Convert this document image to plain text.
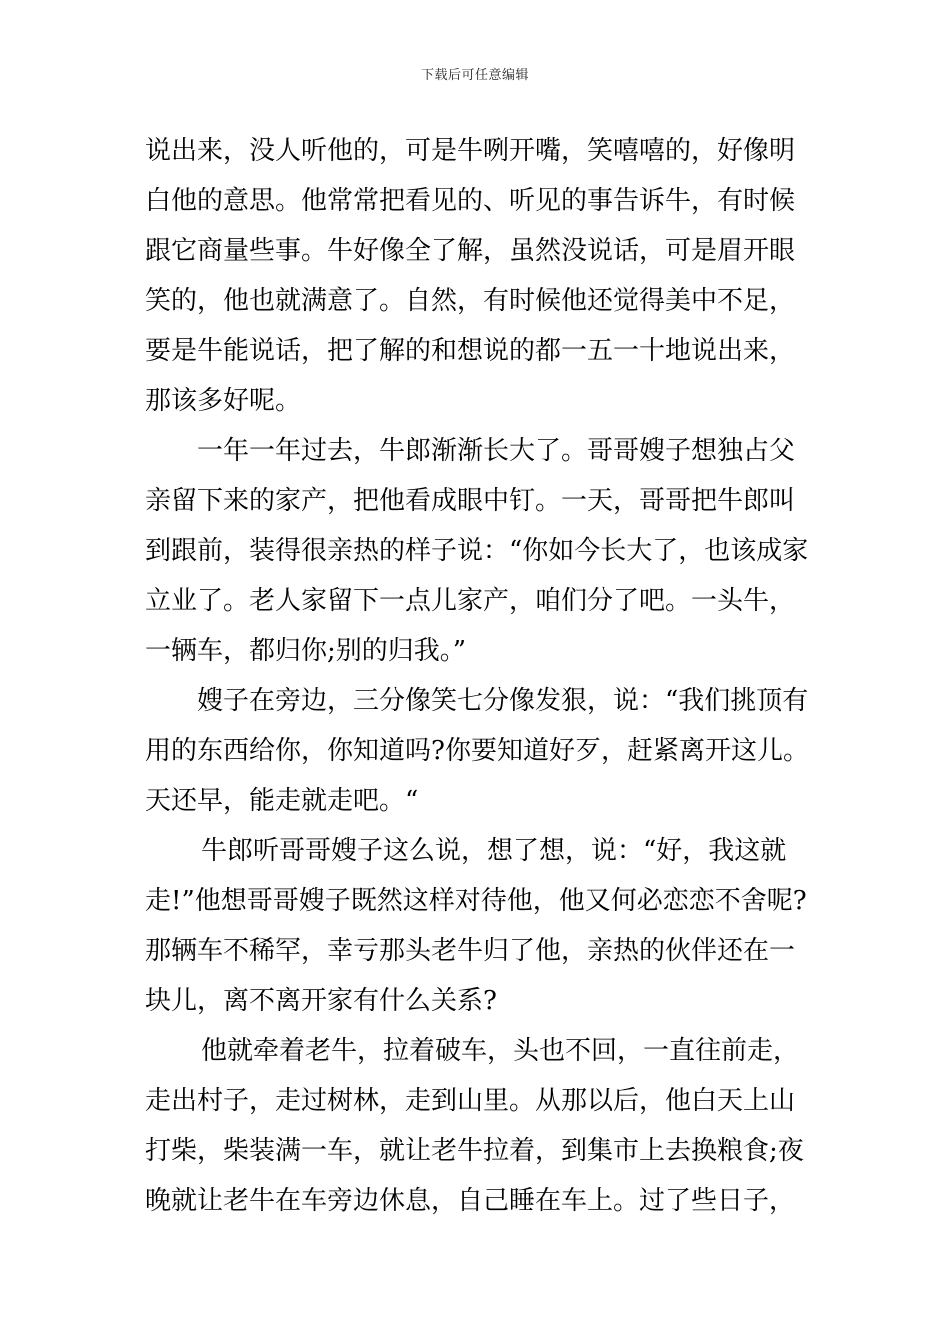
下载后可任意编辑
说出来，没人听他的，可是牛咧开嘴，笑嘻嘻的，好像明
白他的意思。他常常把看见的、听见的事告诉牛，有时候
跟它商量些事。牛好像全了解，虽然没说话，可是眉开眼
笑的，他也就满意了。自然，有时候他还觉得美中不足，
要是牛能说话，把了解的和想说的都一五一十地说出来，
那该多好呢。
一年一年过去，牛郎渐渐长大了。哥哥嫂子想独占父
亲留下来的家产，把他看成眼中钉。一天，哥哥把牛郎叫
到跟前，装得很亲热的样子说：“你如今长大了，也该成家
立业了。老人家留下一点儿家产，咱们分了吧。一头牛，
一辆车，都归你;别的归我。”
嫂子在旁边，三分像笑七分像发狠，说：“我们挑顶有
用的东西给你，你知道吗?你要知道好歹，赶紧离开这儿。
天还早，能走就走吧。“
牛郎听哥哥嫂子这么说，想了想，说：“好，我这就
走!”他想哥哥嫂子既然这样对待他，他又何必恋恋不舍呢?
那辆车不稀罕，幸亏那头老牛归了他，亲热的伙伴还在一
块儿，离不离开家有什么关系?
他就牵着老牛，拉着破车，头也不回，一直往前走，
走出村子，走过树林，走到山里。从那以后，他白天上山
打柴，柴装满一车，就让老牛拉着，到集市上去换粮食;夜
晚就让老牛在车旁边休息，自己睡在车上。过了些日子，
